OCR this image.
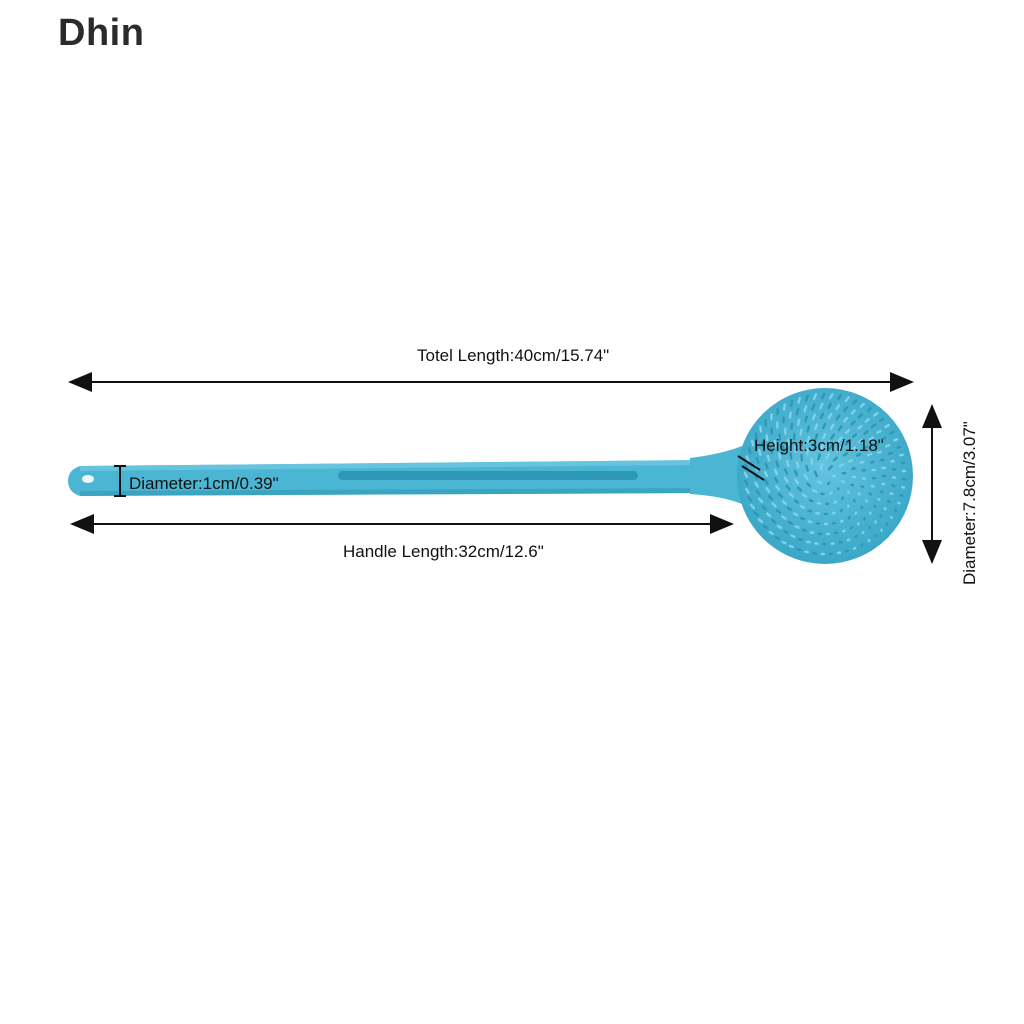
Dhin
Totel Length:40cm/15.74"
Handle Length:32cm/12.6"
Diameter:1cm/0.39"
Height:3cm/1.18"	Diameter:7.8cm/3.07"
